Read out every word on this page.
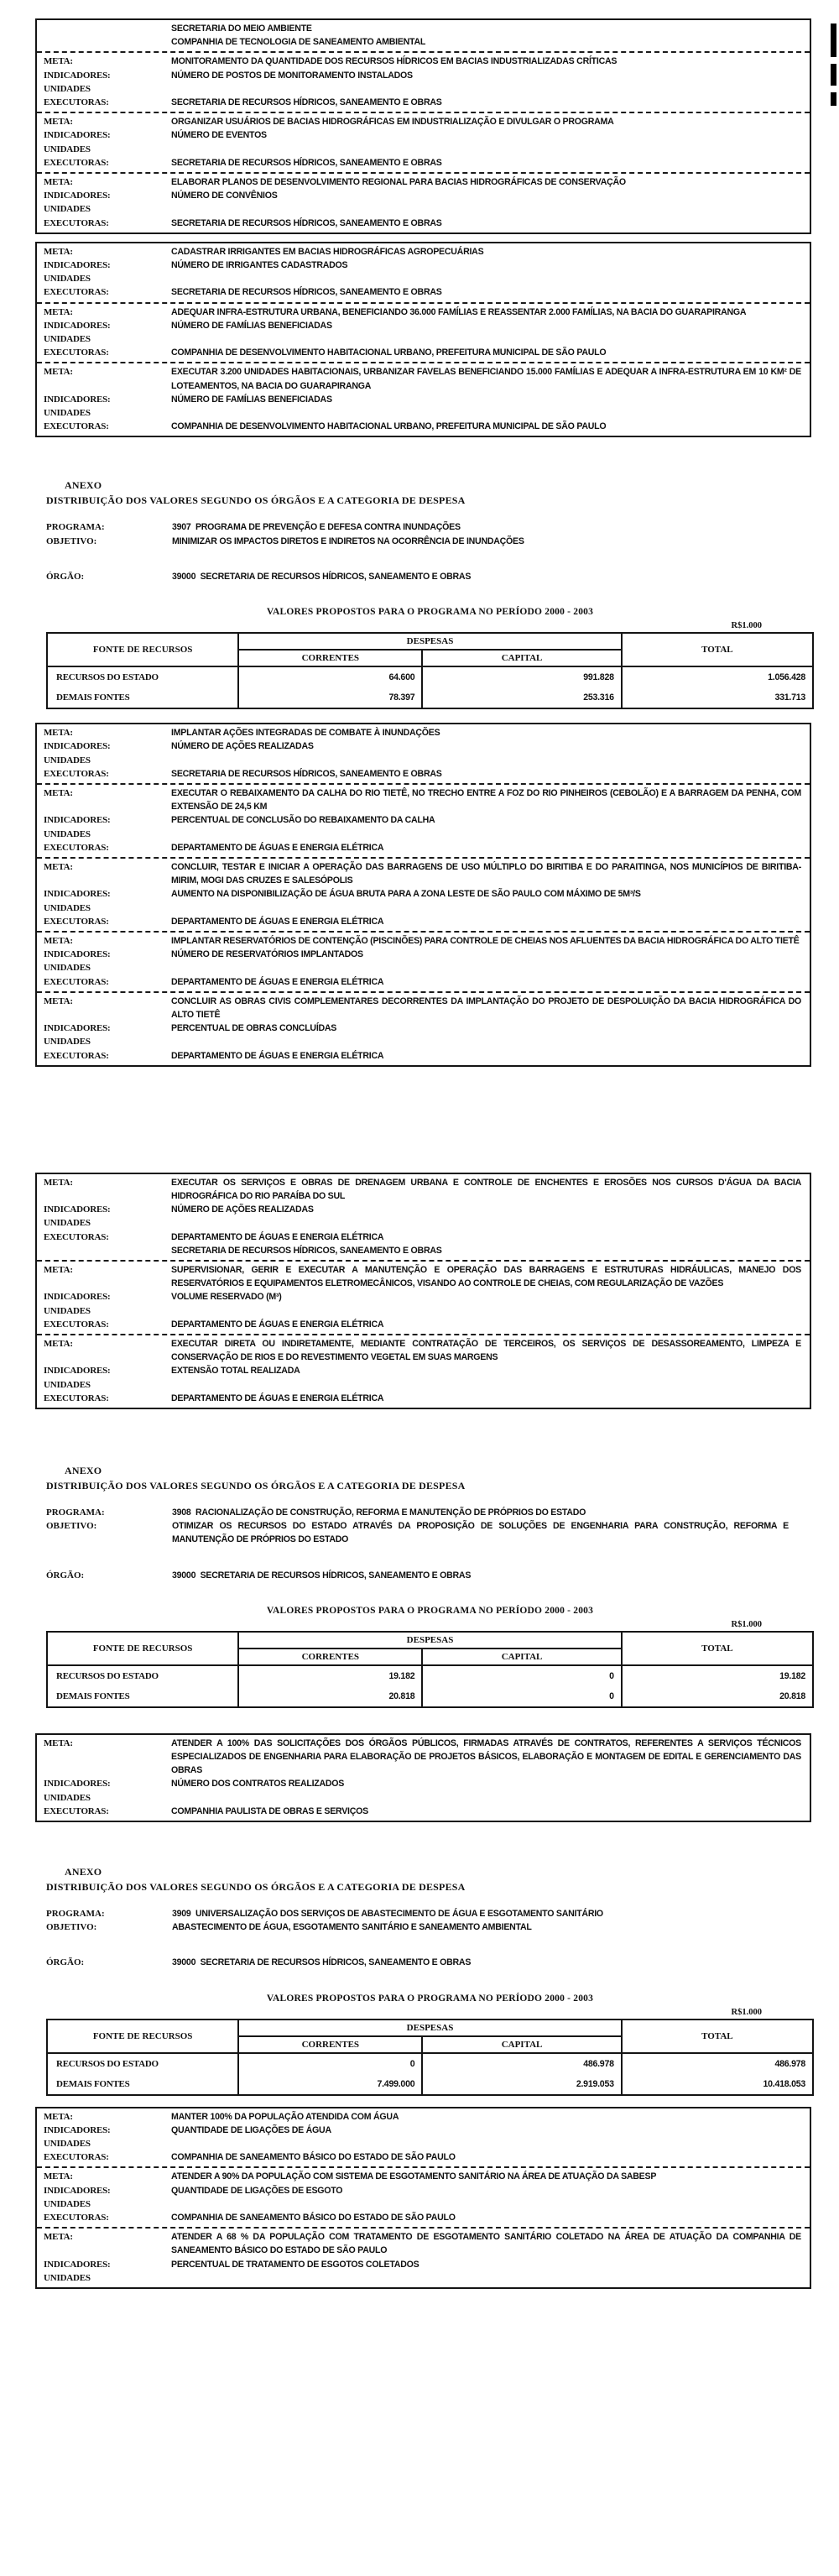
SECRETARIA DO MEIO AMBIENTE
COMPANHIA DE TECNOLOGIA DE SANEAMENTO AMBIENTAL
META:	MONITORAMENTO DA QUANTIDADE DOS RECURSOS HÍDRICOS EM BACIAS INDUSTRIALIZADAS CRÍTICAS
INDICADORES:	NÚMERO DE POSTOS DE MONITORAMENTO INSTALADOS
UNIDADES
EXECUTORAS:	SECRETARIA DE RECURSOS HÍDRICOS, SANEAMENTO E OBRAS
META:	ORGANIZAR USUÁRIOS DE BACIAS HIDROGRÁFICAS EM INDUSTRIALIZAÇÃO E DIVULGAR O PROGRAMA
INDICADORES:	NÚMERO DE EVENTOS
UNIDADES
EXECUTORAS:	SECRETARIA DE RECURSOS HÍDRICOS, SANEAMENTO E OBRAS
META:	ELABORAR PLANOS DE DESENVOLVIMENTO REGIONAL PARA BACIAS HIDROGRÁFICAS DE CONSERVAÇÃO
INDICADORES:	NÚMERO DE CONVÊNIOS
UNIDADES
EXECUTORAS:	SECRETARIA DE RECURSOS HÍDRICOS, SANEAMENTO E OBRAS
META:	CADASTRAR IRRIGANTES EM BACIAS HIDROGRÁFICAS AGROPECUÁRIAS
INDICADORES:	NÚMERO DE IRRIGANTES CADASTRADOS
UNIDADES
EXECUTORAS:	SECRETARIA DE RECURSOS HÍDRICOS, SANEAMENTO E OBRAS
META:	ADEQUAR INFRA-ESTRUTURA URBANA, BENEFICIANDO 36.000 FAMÍLIAS E REASSENTAR 2.000 FAMÍLIAS, NA BACIA DO GUARAPIRANGA
INDICADORES:	NÚMERO DE FAMÍLIAS BENEFICIADAS
UNIDADES
EXECUTORAS:	COMPANHIA DE DESENVOLVIMENTO HABITACIONAL URBANO, PREFEITURA MUNICIPAL DE SÃO PAULO
META:	EXECUTAR 3.200 UNIDADES HABITACIONAIS, URBANIZAR FAVELAS BENEFICIANDO 15.000 FAMÍLIAS E ADEQUAR A INFRA-ESTRUTURA EM 10 KM² DE LOTEAMENTOS, NA BACIA DO GUARAPIRANGA
INDICADORES:	NÚMERO DE FAMÍLIAS BENEFICIADAS
UNIDADES
EXECUTORAS:	COMPANHIA DE DESENVOLVIMENTO HABITACIONAL URBANO, PREFEITURA MUNICIPAL DE SÃO PAULO
ANEXO
DISTRIBUIÇÃO DOS VALORES SEGUNDO OS ÓRGÃOS E A CATEGORIA DE DESPESA
PROGRAMA:	3907  PROGRAMA DE PREVENÇÃO E DEFESA CONTRA INUNDAÇÕES
OBJETIVO:	MINIMIZAR OS IMPACTOS DIRETOS E INDIRETOS NA OCORRÊNCIA DE INUNDAÇÕES
ÓRGÃO:	39000  SECRETARIA DE RECURSOS HÍDRICOS, SANEAMENTO E OBRAS
VALORES PROPOSTOS PARA O PROGRAMA NO PERÍODO 2000 - 2003
R$1.000
FONTE DE RECURSOS	DESPESAS		TOTAL
	CORRENTES	CAPITAL	
RECURSOS DO ESTADO	64.600	991.828	1.056.428
DEMAIS FONTES	78.397	253.316	331.713
META:	IMPLANTAR AÇÕES INTEGRADAS DE COMBATE À INUNDAÇÕES
INDICADORES:	NÚMERO DE AÇÕES REALIZADAS
UNIDADES
EXECUTORAS:	SECRETARIA DE RECURSOS HÍDRICOS, SANEAMENTO E OBRAS
META:	EXECUTAR O REBAIXAMENTO DA CALHA DO RIO TIETÊ, NO TRECHO ENTRE A FOZ DO RIO PINHEIROS (CEBOLÃO) E A BARRAGEM DA PENHA, COM EXTENSÃO DE 24,5 KM
INDICADORES:	PERCENTUAL DE CONCLUSÃO DO REBAIXAMENTO DA CALHA
UNIDADES
EXECUTORAS:	DEPARTAMENTO DE ÁGUAS E ENERGIA ELÉTRICA
META:	CONCLUIR, TESTAR E INICIAR A OPERAÇÃO DAS BARRAGENS DE USO MÚLTIPLO DO BIRITIBA E DO PARAITINGA, NOS MUNICÍPIOS DE BIRITIBA-MIRIM, MOGI DAS CRUZES E SALESÓPOLIS
INDICADORES:	AUMENTO NA DISPONIBILIZAÇÃO DE ÁGUA BRUTA PARA A ZONA LESTE DE SÃO PAULO COM MÁXIMO DE 5M³/S
UNIDADES
EXECUTORAS:	DEPARTAMENTO DE ÁGUAS E ENERGIA ELÉTRICA
META:	IMPLANTAR RESERVATÓRIOS DE CONTENÇÃO (PISCINÕES) PARA CONTROLE DE CHEIAS NOS AFLUENTES DA BACIA HIDROGRÁFICA DO ALTO TIETÊ
INDICADORES:	NÚMERO DE RESERVATÓRIOS IMPLANTADOS
UNIDADES
EXECUTORAS:	DEPARTAMENTO DE ÁGUAS E ENERGIA ELÉTRICA
META:	CONCLUIR AS OBRAS CIVIS COMPLEMENTARES DECORRENTES DA IMPLANTAÇÃO DO PROJETO DE DESPOLUIÇÃO DA BACIA HIDROGRÁFICA DO ALTO TIETÊ
INDICADORES:	PERCENTUAL DE OBRAS CONCLUÍDAS
UNIDADES
EXECUTORAS:	DEPARTAMENTO DE ÁGUAS E ENERGIA ELÉTRICA
META:	EXECUTAR OS SERVIÇOS E OBRAS DE DRENAGEM URBANA E CONTROLE DE ENCHENTES E EROSÕES NOS CURSOS D'ÁGUA DA BACIA HIDROGRÁFICA DO RIO PARAÍBA DO SUL
INDICADORES:	NÚMERO DE AÇÕES REALIZADAS
UNIDADES
EXECUTORAS:	DEPARTAMENTO DE ÁGUAS E ENERGIA ELÉTRICA
SECRETARIA DE RECURSOS HÍDRICOS, SANEAMENTO E OBRAS
META:	SUPERVISIONAR, GERIR E EXECUTAR A MANUTENÇÃO E OPERAÇÃO DAS BARRAGENS E ESTRUTURAS HIDRÁULICAS, MANEJO DOS RESERVATÓRIOS E EQUIPAMENTOS ELETROMECÂNICOS, VISANDO AO CONTROLE DE CHEIAS, COM REGULARIZAÇÃO DE VAZÕES
INDICADORES:	VOLUME RESERVADO (M³)
UNIDADES
EXECUTORAS:	DEPARTAMENTO DE ÁGUAS E ENERGIA ELÉTRICA
META:	EXECUTAR DIRETA OU INDIRETAMENTE, MEDIANTE CONTRATAÇÃO DE TERCEIROS, OS SERVIÇOS DE DESASSOREAMENTO, LIMPEZA E CONSERVAÇÃO DE RIOS E DO REVESTIMENTO VEGETAL EM SUAS MARGENS
INDICADORES:	EXTENSÃO TOTAL REALIZADA
UNIDADES
EXECUTORAS:	DEPARTAMENTO DE ÁGUAS E ENERGIA ELÉTRICA
ANEXO
DISTRIBUIÇÃO DOS VALORES SEGUNDO OS ÓRGÃOS E A CATEGORIA DE DESPESA
PROGRAMA:	3908  RACIONALIZAÇÃO DE CONSTRUÇÃO, REFORMA E MANUTENÇÃO DE PRÓPRIOS DO ESTADO
OBJETIVO:	OTIMIZAR OS RECURSOS DO ESTADO ATRAVÉS DA PROPOSIÇÃO DE SOLUÇÕES DE ENGENHARIA PARA CONSTRUÇÃO, REFORMA E MANUTENÇÃO DE PRÓPRIOS DO ESTADO
ÓRGÃO:	39000  SECRETARIA DE RECURSOS HÍDRICOS, SANEAMENTO E OBRAS
VALORES PROPOSTOS PARA O PROGRAMA NO PERÍODO 2000 - 2003
R$1.000
FONTE DE RECURSOS	DESPESAS		TOTAL
	CORRENTES	CAPITAL	
RECURSOS DO ESTADO	19.182	0	19.182
DEMAIS FONTES	20.818	0	20.818
META:	ATENDER A 100% DAS SOLICITAÇÕES DOS ÓRGÃOS PÚBLICOS, FIRMADAS ATRAVÉS DE CONTRATOS, REFERENTES A SERVIÇOS TÉCNICOS ESPECIALIZADOS DE ENGENHARIA PARA ELABORAÇÃO DE PROJETOS BÁSICOS, ELABORAÇÃO E MONTAGEM DE EDITAL E GERENCIAMENTO DAS OBRAS
INDICADORES:	NÚMERO DOS CONTRATOS REALIZADOS
UNIDADES
EXECUTORAS:	COMPANHIA PAULISTA DE OBRAS E SERVIÇOS
ANEXO
DISTRIBUIÇÃO DOS VALORES SEGUNDO OS ÓRGÃOS E A CATEGORIA DE DESPESA
PROGRAMA:	3909  UNIVERSALIZAÇÃO DOS SERVIÇOS DE ABASTECIMENTO DE ÁGUA E ESGOTAMENTO SANITÁRIO
OBJETIVO:	ABASTECIMENTO DE ÁGUA, ESGOTAMENTO SANITÁRIO E SANEAMENTO AMBIENTAL
ÓRGÃO:	39000  SECRETARIA DE RECURSOS HÍDRICOS, SANEAMENTO E OBRAS
VALORES PROPOSTOS PARA O PROGRAMA NO PERÍODO 2000 - 2003
R$1.000
FONTE DE RECURSOS	DESPESAS		TOTAL
	CORRENTES	CAPITAL	
RECURSOS DO ESTADO	0	486.978	486.978
DEMAIS FONTES	7.499.000	2.919.053	10.418.053
META:	MANTER 100% DA POPULAÇÃO ATENDIDA COM ÁGUA
INDICADORES:	QUANTIDADE DE LIGAÇÕES DE ÁGUA
UNIDADES
EXECUTORAS:	COMPANHIA DE SANEAMENTO BÁSICO DO ESTADO DE SÃO PAULO
META:	ATENDER A 90% DA POPULAÇÃO COM SISTEMA DE ESGOTAMENTO SANITÁRIO NA ÁREA DE ATUAÇÃO DA SABESP
INDICADORES:	QUANTIDADE DE LIGAÇÕES DE ESGOTO
UNIDADES
EXECUTORAS:	COMPANHIA DE SANEAMENTO BÁSICO DO ESTADO DE SÃO PAULO
META:	ATENDER A 68 % DA POPULAÇÃO COM TRATAMENTO DE ESGOTAMENTO SANITÁRIO COLETADO NA ÁREA DE ATUAÇÃO DA COMPANHIA DE SANEAMENTO BÁSICO DO ESTADO DE SÃO PAULO
INDICADORES:	PERCENTUAL DE TRATAMENTO DE ESGOTOS COLETADOS
UNIDADES
